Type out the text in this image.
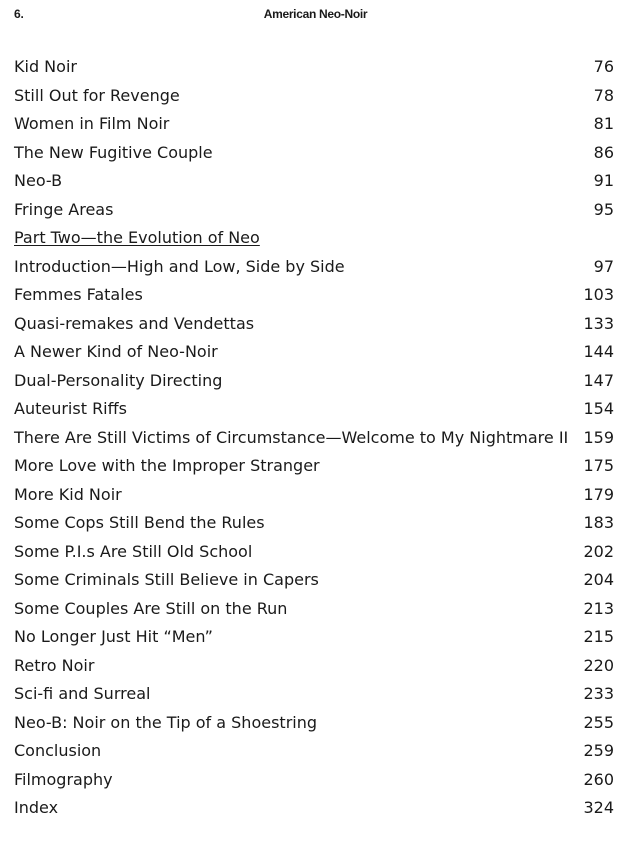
6.	American Neo-Noir
Kid Noir	76
Still Out for Revenge	78
Women in Film Noir	81
The New Fugitive Couple	86
Neo-B	91
Fringe Areas	95
Part Two—the Evolution of Neo
Introduction—High and Low, Side by Side	97
Femmes Fatales	103
Quasi-remakes and Vendettas	133
A Newer Kind of Neo-Noir	144
Dual-Personality Directing	147
Auteurist Riffs	154
There Are Still Victims of Circumstance—Welcome to My Nightmare II 159
More Love with the Improper Stranger	175
More Kid Noir	179
Some Cops Still Bend the Rules	183
Some P.I.s Are Still Old School	202
Some Criminals Still Believe in Capers	204
Some Couples Are Still on the Run	213
No Longer Just Hit “Men”	215
Retro Noir	220
Sci-fi and Surreal	233
Neo-B: Noir on the Tip of a Shoestring	255
Conclusion	259
Filmography	260
Index	324
